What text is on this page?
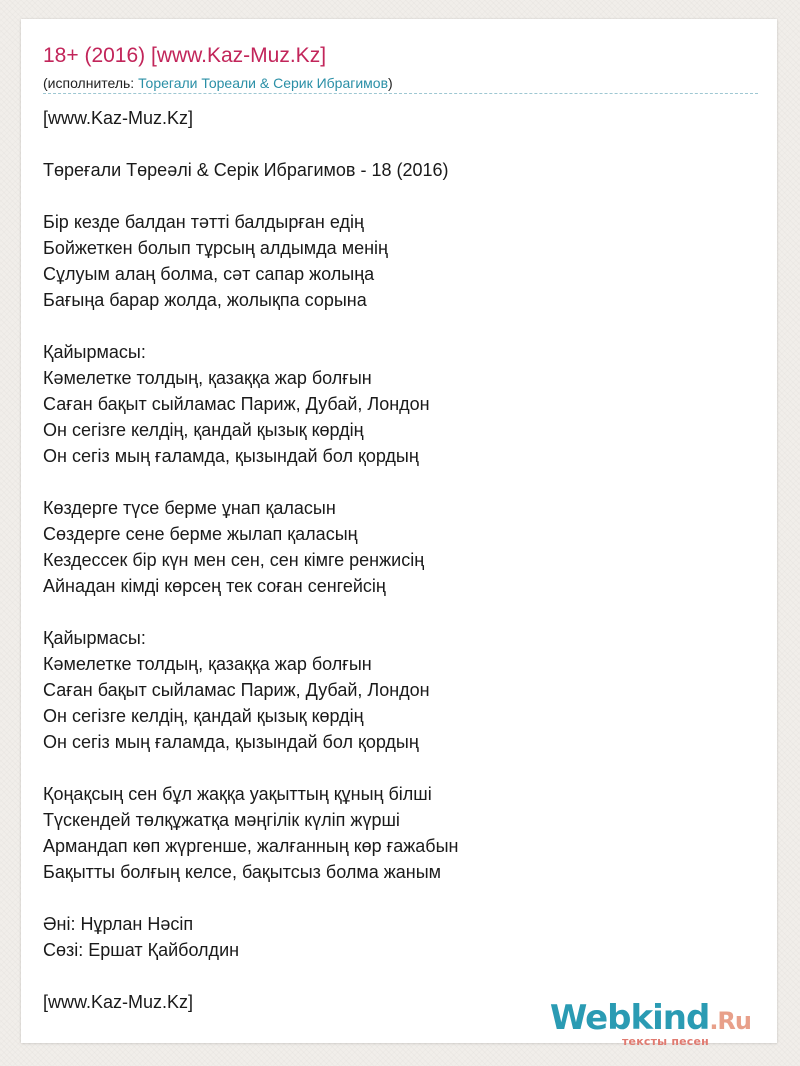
18+ (2016) [www.Kaz-Muz.Kz]
(исполнитель: Торегали Тореали & Серик Ибрагимов)
[www.Kaz-Muz.Kz]
Төреғали Төреәлі & Серік Ибрагимов - 18 (2016)
Бір кезде балдан тәтті балдырған едің
Бойжеткен болып тұрсың алдымда менің
Сұлуым алаң болма, сәт сапар жолыңа
Бағыңа барар жолда, жолықпа сорына
Қайырмасы:
Кәмелетке толдың, қазаққа жар болғын
Саған бақыт сыйламас Париж, Дубай, Лондон
Он сегізге келдің, қандай қызық көрдің
Он сегіз мың ғаламда, қызындай бол қордың
Көздерге түсе берме ұнап қаласын
Сөздерге сене берме жылап қаласың
Кездессек бір күн мен сен, сен кімге ренжисің
Айнадан кімді көрсең тек соған сенгейсің
Қайырмасы:
Кәмелетке толдың, қазаққа жар болғын
Саған бақыт сыйламас Париж, Дубай, Лондон
Он сегізге келдің, қандай қызық көрдің
Он сегіз мың ғаламда, қызындай бол қордың
Қоңақсың сен бұл жаққа уақыттың құның білші
Түскендей төлқұжатқа мәңгілік күліп жүрші
Армандап көп жүргенше, жалғанның көр ғажабын
Бақытты болғың келсе, бақытсыз болма жаным
Әні: Нұрлан Нәсіп
Сөзі: Ершат Қайболдин
[www.Kaz-Muz.Kz]	Webkind.Ru
тексты песен
